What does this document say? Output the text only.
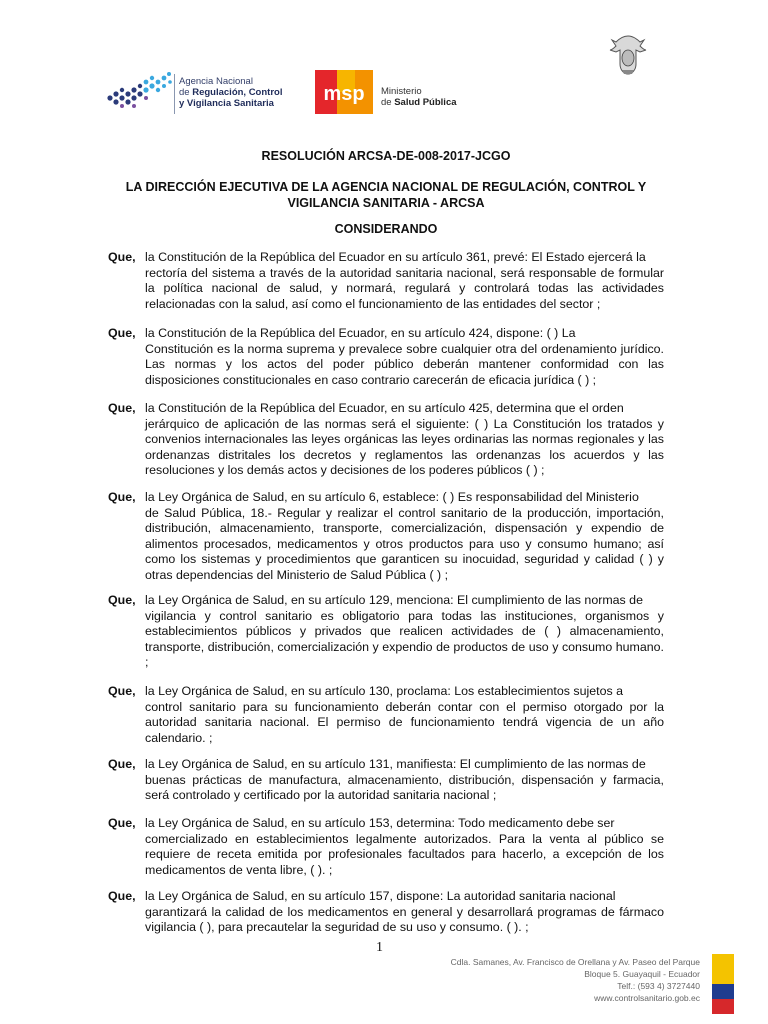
Agencia Nacional
de Regulación, Control
y Vigilancia Sanitaria	msp Ministerio
de Salud Pública
RESOLUCIÓN ARCSA-DE-008-2017-JCGO
LA DIRECCIÓN EJECUTIVA DE LA AGENCIA NACIONAL DE REGULACIÓN, CONTROL Y
VIGILANCIA SANITARIA - ARCSA
CONSIDERANDO
Que, la Constitución de la República del Ecuador en su artículo 361, prevé: El Estado ejercerá la
rectoría del sistema a través de la autoridad sanitaria nacional, será responsable de formular la política nacional de salud, y normará, regulará y controlará todas las actividades relacionadas con la salud, así como el funcionamiento de las entidades del sector ;
Que, la Constitución de la República del Ecuador, en su artículo 424, dispone: ( ) La
Constitución es la norma suprema y prevalece sobre cualquier otra del ordenamiento jurídico. Las normas y los actos del poder público deberán mantener conformidad con las disposiciones constitucionales en caso contrario carecerán de eficacia jurídica ( ) ;
Que, la Constitución de la República del Ecuador, en su artículo 425, determina que el orden
jerárquico de aplicación de las normas será el siguiente: ( ) La Constitución los tratados y convenios internacionales las leyes orgánicas las leyes ordinarias las normas regionales y las ordenanzas distritales los decretos y reglamentos las ordenanzas los acuerdos y las resoluciones y los demás actos y decisiones de los poderes públicos ( ) ;
Que, la Ley Orgánica de Salud, en su artículo 6, establece: ( ) Es responsabilidad del Ministerio
de Salud Pública, 18.- Regular y realizar el control sanitario de la producción, importación, distribución, almacenamiento, transporte, comercialización, dispensación y expendio de alimentos procesados, medicamentos y otros productos para uso y consumo humano; así como los sistemas y procedimientos que garanticen su inocuidad, seguridad y calidad ( ) y otras dependencias del Ministerio de Salud Pública ( ) ;
Que, la Ley Orgánica de Salud, en su artículo 129, menciona: El cumplimiento de las normas de
vigilancia y control sanitario es obligatorio para todas las instituciones, organismos y establecimientos públicos y privados que realicen actividades de ( ) almacenamiento, transporte, distribución, comercialización y expendio de productos de uso y consumo humano. ;
Que, la Ley Orgánica de Salud, en su artículo 130, proclama: Los establecimientos sujetos a
control sanitario para su funcionamiento deberán contar con el permiso otorgado por la autoridad sanitaria nacional. El permiso de funcionamiento tendrá vigencia de un año calendario. ;
Que, la Ley Orgánica de Salud, en su artículo 131, manifiesta: El cumplimiento de las normas de
buenas prácticas de manufactura, almacenamiento, distribución, dispensación y farmacia, será controlado y certificado por la autoridad sanitaria nacional ;
Que, la Ley Orgánica de Salud, en su artículo 153, determina: Todo medicamento debe ser
comercializado en establecimientos legalmente autorizados. Para la venta al público se requiere de receta emitida por profesionales facultados para hacerlo, a excepción de los medicamentos de venta libre, ( ). ;
Que, la Ley Orgánica de Salud, en su artículo 157, dispone: La autoridad sanitaria nacional
garantizará la calidad de los medicamentos en general y desarrollará programas de fármaco vigilancia ( ), para precautelar la seguridad de su uso y consumo. ( ). ;
1
Cdla. Samanes, Av. Francisco de Orellana y Av. Paseo del Parque
Bloque 5. Guayaquil - Ecuador
Telf.: (593 4) 3727440
www.controlsanitario.gob.ec
